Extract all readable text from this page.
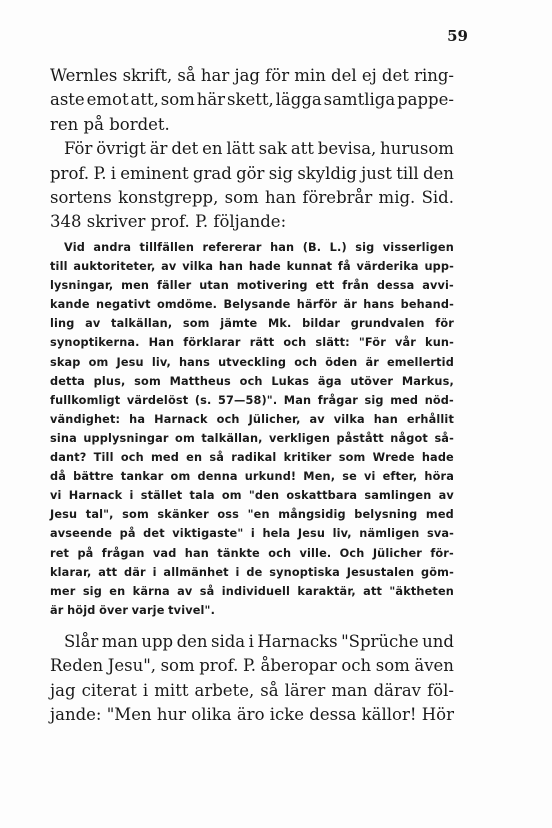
59
Wernles skrift, så har jag för min del ej det ring-
aste emot att, som här skett, lägga samtliga pappe-
ren på bordet.
För övrigt är det en lätt sak att bevisa, hurusom
prof. P. i eminent grad gör sig skyldig just till den
sortens konstgrepp, som han förebrår mig. Sid.
348 skriver prof. P. följande:
Vid andra tillfällen refererar han (B. L.) sig visserligen
till auktoriteter, av vilka han hade kunnat få värderika upp-
lysningar, men fäller utan motivering ett från dessa avvi-
kande negativt omdöme. Belysande härför är hans behand-
ling av talkällan, som jämte Mk. bildar grundvalen för
synoptikerna. Han förklarar rätt och slätt: "För vår kun-
skap om Jesu liv, hans utveckling och öden är emellertid
detta plus, som Mattheus och Lukas äga utöver Markus,
fullkomligt värdelöst (s. 57—58)". Man frågar sig med nöd-
vändighet: ha Harnack och Jülicher, av vilka han erhållit
sina upplysningar om talkällan, verkligen påstått något så-
dant? Till och med en så radikal kritiker som Wrede hade
då bättre tankar om denna urkund! Men, se vi efter, höra
vi Harnack i stället tala om "den oskattbara samlingen av
Jesu tal", som skänker oss "en mångsidig belysning med
avseende på det viktigaste" i hela Jesu liv, nämligen sva-
ret på frågan vad han tänkte och ville. Och Jülicher för-
klarar, att där i allmänhet i de synoptiska Jesustalen göm-
mer sig en kärna av så individuell karaktär, att "äktheten
är höjd över varje tvivel".
Slår man upp den sida i Harnacks "Sprüche und
Reden Jesu", som prof. P. åberopar och som även
jag citerat i mitt arbete, så lärer man därav föl-
jande: "Men hur olika äro icke dessa källor! Hör
